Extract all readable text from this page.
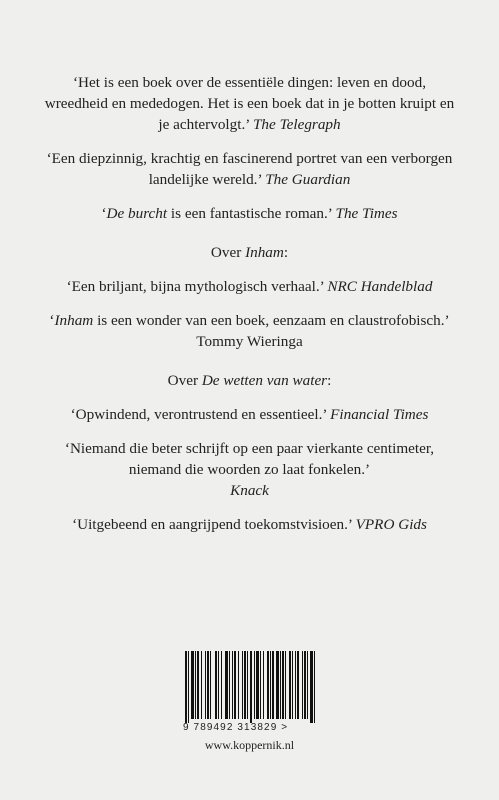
‘Het is een boek over de essentiële dingen: leven en dood, wreedheid en mededogen. Het is een boek dat in je botten kruipt en je achtervolgt.’ The Telegraph

‘Een diepzinnig, krachtig en fascinerend portret van een verborgen landelijke wereld.’ The Guardian

‘De burcht is een fantastische roman.’ The Times

Over Inham:

‘Een briljant, bijna mythologisch verhaal.’ NRC Handelblad

‘Inham is een wonder van een boek, eenzaam en claustrofobisch.’ Tommy Wieringa

Over De wetten van water:

‘Opwindend, verontrustend en essentieel.’ Financial Times

‘Niemand die beter schrijft op een paar vierkante centimeter, niemand die woorden zo laat fonkelen.’
Knack

‘Uitgebeend en aangrijpend toekomstvisioen.’ VPRO Gids

9 789492 313829 >
www.koppernik.nl
